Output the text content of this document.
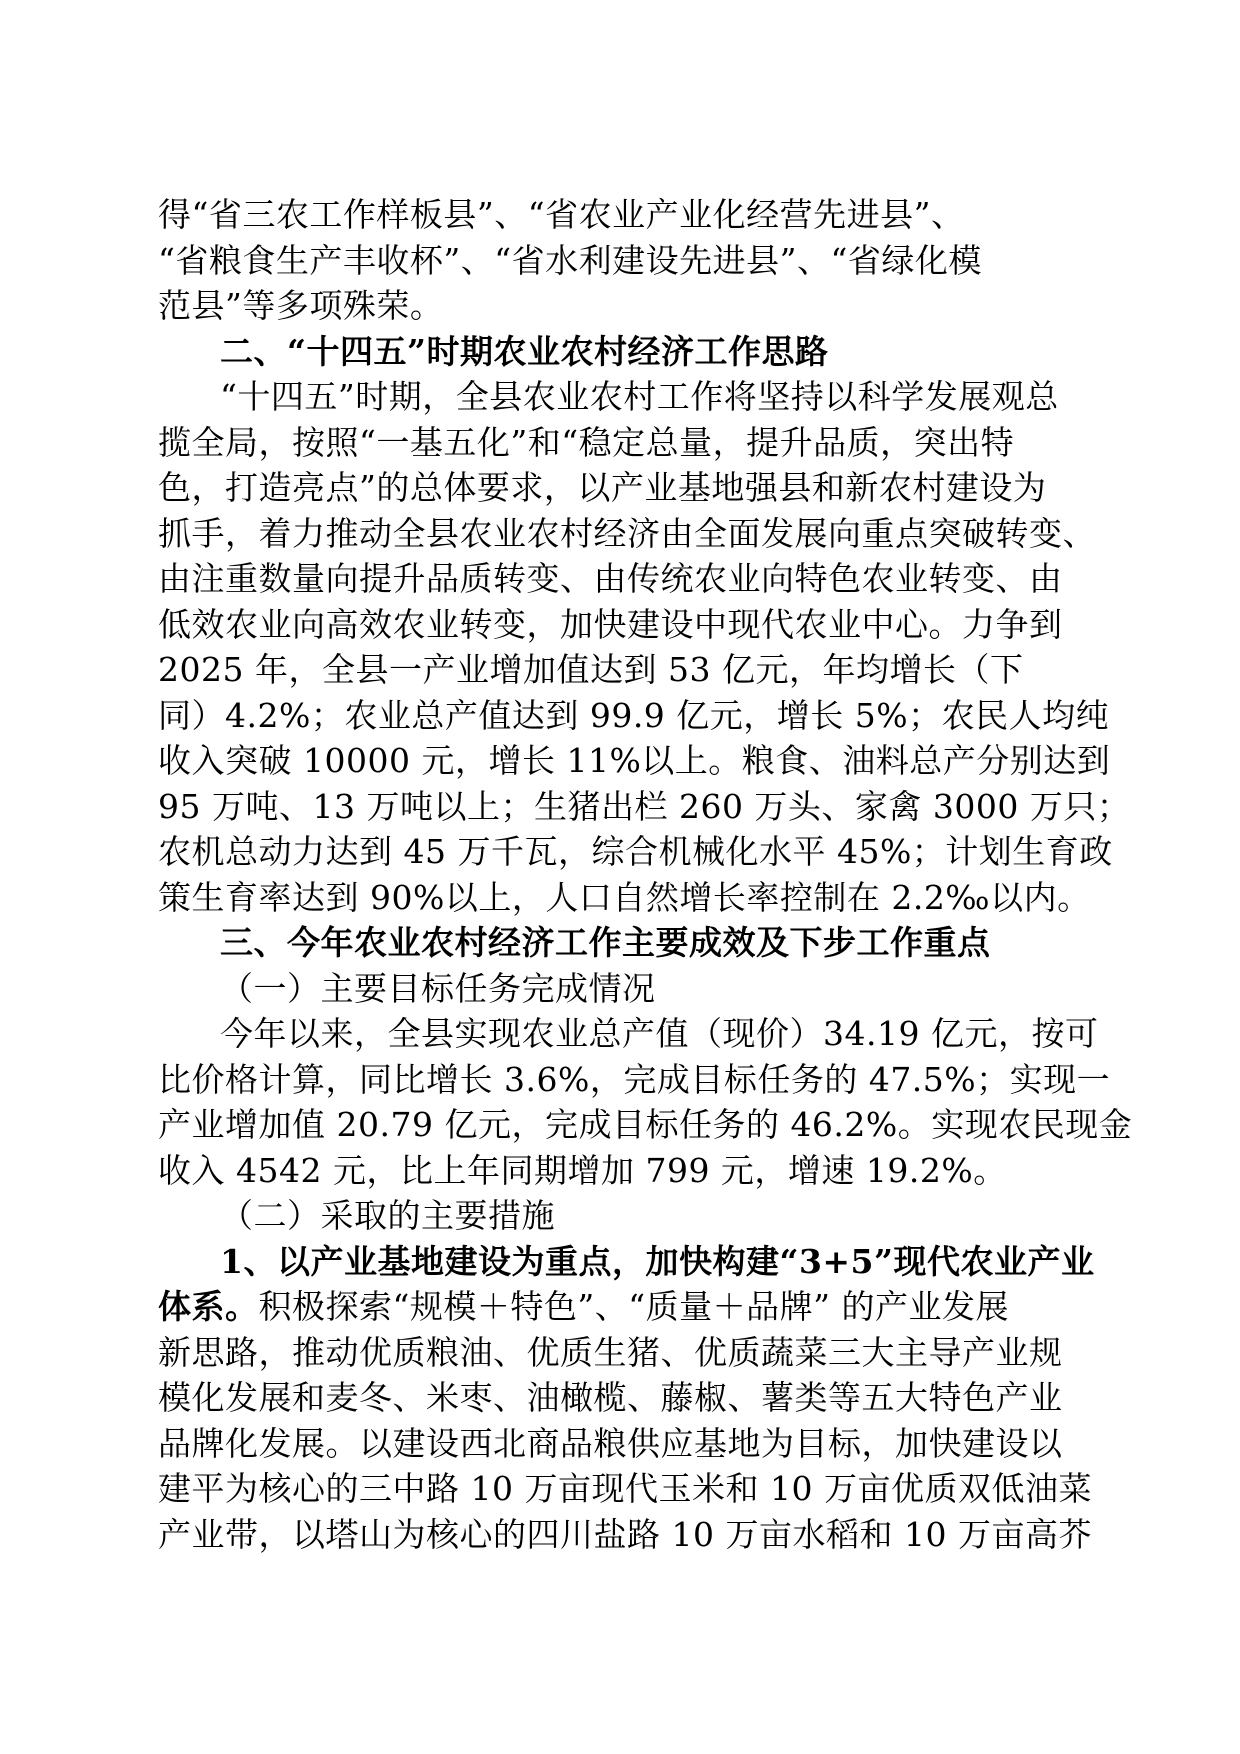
得“省三农工作样板县”、“省农业产业化经营先进县”、
“省粮食生产丰收杯”、“省水利建设先进县”、“省绿化模
范县”等多项殊荣。
二、“十四五”时期农业农村经济工作思路
“十四五”时期，全县农业农村工作将坚持以科学发展观总
揽全局，按照“一基五化”和“稳定总量，提升品质，突出特
色，打造亮点”的总体要求，以产业基地强县和新农村建设为
抓手，着力推动全县农业农村经济由全面发展向重点突破转变、
由注重数量向提升品质转变、由传统农业向特色农业转变、由
低效农业向高效农业转变，加快建设中现代农业中心。力争到
2025 年，全县一产业增加值达到 53 亿元，年均增长（下
同）4.2%；农业总产值达到 99.9 亿元，增长 5%；农民人均纯
收入突破 10000 元，增长 11%以上。粮食、油料总产分别达到
95 万吨、13 万吨以上；生猪出栏 260 万头、家禽 3000 万只；
农机总动力达到 45 万千瓦，综合机械化水平 45%；计划生育政
策生育率达到 90%以上，人口自然增长率控制在 2.2‰以内。
三、今年农业农村经济工作主要成效及下步工作重点
（一）主要目标任务完成情况
今年以来，全县实现农业总产值（现价）34.19 亿元，按可
比价格计算，同比增长 3.6%，完成目标任务的 47.5%；实现一
产业增加值 20.79 亿元，完成目标任务的 46.2%。实现农民现金
收入 4542 元，比上年同期增加 799 元，增速 19.2%。
（二）采取的主要措施
1、以产业基地建设为重点，加快构建“3+5”现代农业产业
体系。积极探索“规模＋特色”、“质量＋品牌” 的产业发展
新思路，推动优质粮油、优质生猪、优质蔬菜三大主导产业规
模化发展和麦冬、米枣、油橄榄、藤椒、薯类等五大特色产业
品牌化发展。以建设西北商品粮供应基地为目标，加快建设以
建平为核心的三中路 10 万亩现代玉米和 10 万亩优质双低油菜
产业带，以塔山为核心的四川盐路 10 万亩水稻和 10 万亩高芥
